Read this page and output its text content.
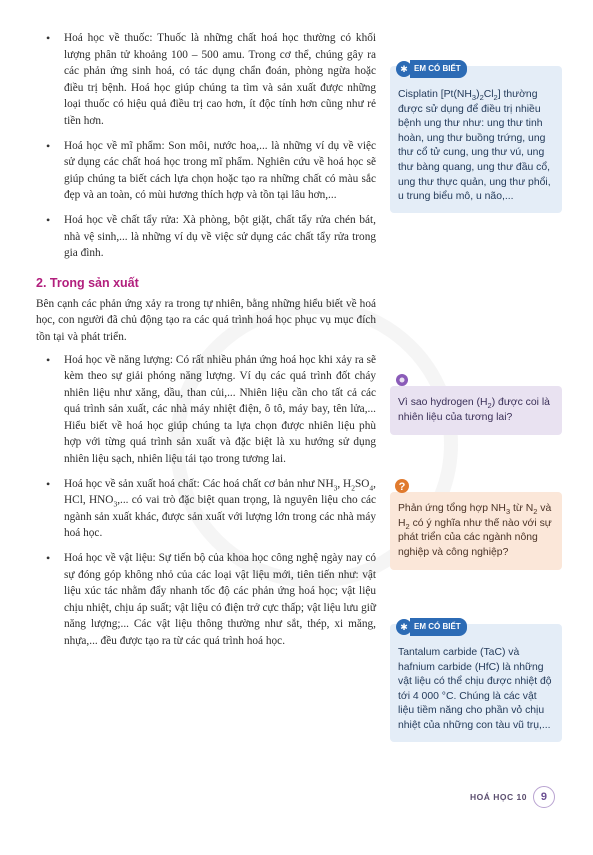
• Hoá học về thuốc: Thuốc là những chất hoá học thường có khối lượng phân tử khoảng 100 – 500 amu. Trong cơ thể, chúng gây ra các phản ứng sinh hoá, có tác dụng chẩn đoán, phòng ngừa hoặc điều trị bệnh. Hoá học giúp chúng ta tìm và sản xuất được những loại thuốc có hiệu quả điều trị cao hơn, ít độc tính hơn cũng như rẻ tiền hơn.
• Hoá học về mĩ phẩm: Son môi, nước hoa,... là những ví dụ về việc sử dụng các chất hoá học trong mĩ phẩm. Nghiên cứu về hoá học sẽ giúp chúng ta biết cách lựa chọn hoặc tạo ra những chất có màu sắc đẹp và an toàn, có mùi hương thích hợp và tồn tại lâu hơn,...
• Hoá học về chất tẩy rửa: Xà phòng, bột giặt, chất tẩy rửa chén bát, nhà vệ sinh,... là những ví dụ về việc sử dụng các chất tẩy rửa trong gia đình.
2. Trong sản xuất
Bên cạnh các phản ứng xảy ra trong tự nhiên, bằng những hiểu biết về hoá học, con người đã chủ động tạo ra các quá trình hoá học phục vụ mục đích tồn tại và phát triển.
• Hoá học về năng lượng: Có rất nhiều phản ứng hoá học khi xảy ra sẽ kèm theo sự giải phóng năng lượng. Ví dụ các quá trình đốt cháy nhiên liệu như xăng, dầu, than củi,... Nhiên liệu cần cho tất cả các quá trình sản xuất, các nhà máy nhiệt điện, ô tô, máy bay, tên lửa,... Hiểu biết về hoá học giúp chúng ta lựa chọn được nhiên liệu phù hợp với từng quá trình sản xuất và đặc biệt là xu hướng sử dụng nhiên liệu sạch, nhiên liệu tái tạo trong tương lai.
• Hoá học về sản xuất hoá chất: Các hoá chất cơ bản như $NH_3$, $H_2SO_4$, HCl, $HNO_3$,... có vai trò đặc biệt quan trọng, là nguyên liệu cho các ngành sản xuất khác, được sản xuất với lượng lớn trong các nhà máy hoá học.
• Hoá học về vật liệu: Sự tiến bộ của khoa học công nghệ ngày nay có sự đóng góp không nhỏ của các loại vật liệu mới, tiên tiến như: vật liệu xúc tác nhằm đẩy nhanh tốc độ các phản ứng hoá học; vật liệu chịu nhiệt, chịu áp suất; vật liệu có điện trở cực thấp; vật liệu lưu giữ năng lượng;... Các vật liệu thông thường như sắt, thép, xi măng, nhựa,... đều được tạo ra từ các quá trình hoá học.
✱ EM CÓ BIẾT
Cisplatin $[Pt(NH_3)_2Cl_2]$ thường được sử dụng để điều trị nhiều bệnh ung thư như: ung thư tinh hoàn, ung thư buồng trứng, ung thư cổ tử cung, ung thư vú, ung thư bàng quang, ung thư đầu cổ, ung thư thực quản, ung thư phổi, u trung biểu mô, u não,...
Vì sao hydrogen $(H_2)$ được coi là nhiên liệu của tương lai?
?
Phản ứng tổng hợp $NH_3$ từ $N_2$ và $H_2$ có ý nghĩa như thế nào với sự phát triển của các ngành nông nghiệp và công nghiệp?
✱ EM CÓ BIẾT
Tantalum carbide (TaC) và hafnium carbide (HfC) là những vật liệu có thể chịu được nhiệt độ tới 4 000 °C. Chúng là các vật liệu tiềm năng cho phần vỏ chịu nhiệt của những con tàu vũ trụ,...
HOÁ HỌC 10	9
